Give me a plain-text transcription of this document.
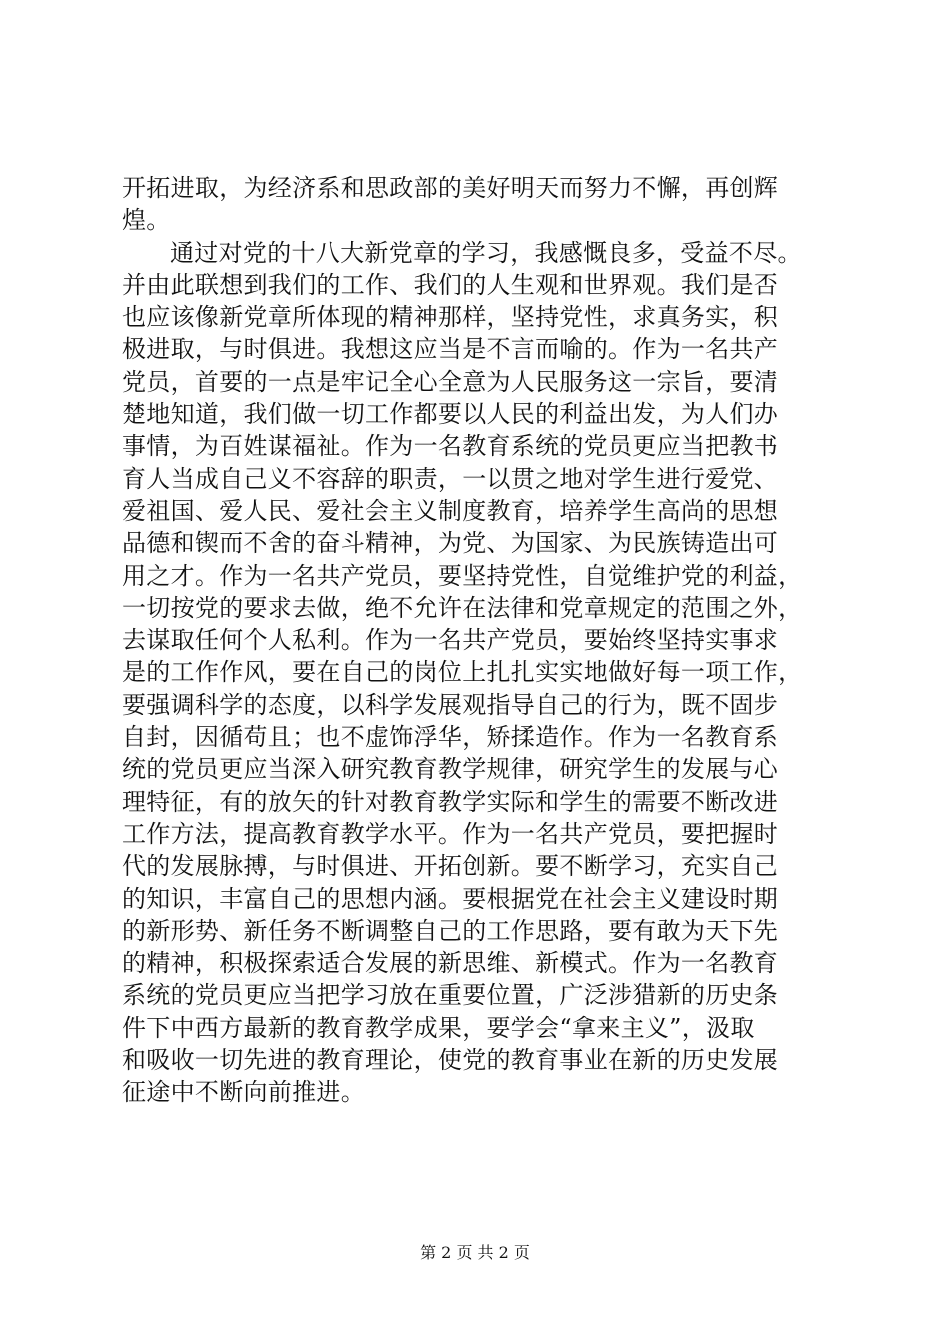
开拓进取，为经济系和思政部的美好明天而努力不懈，再创辉

煌。

通过对党的十八大新党章的学习，我感慨良多，受益不尽。

并由此联想到我们的工作、我们的人生观和世界观。我们是否

也应该像新党章所体现的精神那样，坚持党性，求真务实，积

极进取，与时俱进。我想这应当是不言而喻的。作为一名共产

党员，首要的一点是牢记全心全意为人民服务这一宗旨，要清

楚地知道，我们做一切工作都要以人民的利益出发，为人们办

事情，为百姓谋福祉。作为一名教育系统的党员更应当把教书

育人当成自己义不容辞的职责，一以贯之地对学生进行爱党、

爱祖国、爱人民、爱社会主义制度教育，培养学生高尚的思想

品德和锲而不舍的奋斗精神，为党、为国家、为民族铸造出可

用之才。作为一名共产党员，要坚持党性，自觉维护党的利益，

一切按党的要求去做，绝不允许在法律和党章规定的范围之外，

去谋取任何个人私利。作为一名共产党员，要始终坚持实事求

是的工作作风，要在自己的岗位上扎扎实实地做好每一项工作，

要强调科学的态度，以科学发展观指导自己的行为，既不固步

自封，因循苟且；也不虚饰浮华，矫揉造作。作为一名教育系

统的党员更应当深入研究教育教学规律，研究学生的发展与心

理特征，有的放矢的针对教育教学实际和学生的需要不断改进

工作方法，提高教育教学水平。作为一名共产党员，要把握时

代的发展脉搏，与时俱进、开拓创新。要不断学习，充实自己

的知识，丰富自己的思想内涵。要根据党在社会主义建设时期

的新形势、新任务不断调整自己的工作思路，要有敢为天下先

的精神，积极探索适合发展的新思维、新模式。作为一名教育

系统的党员更应当把学习放在重要位置，广泛涉猎新的历史条

件下中西方最新的教育教学成果，要学会“拿来主义”，汲取

和吸收一切先进的教育理论，使党的教育事业在新的历史发展

征途中不断向前推进。

第 2 页 共 2 页
